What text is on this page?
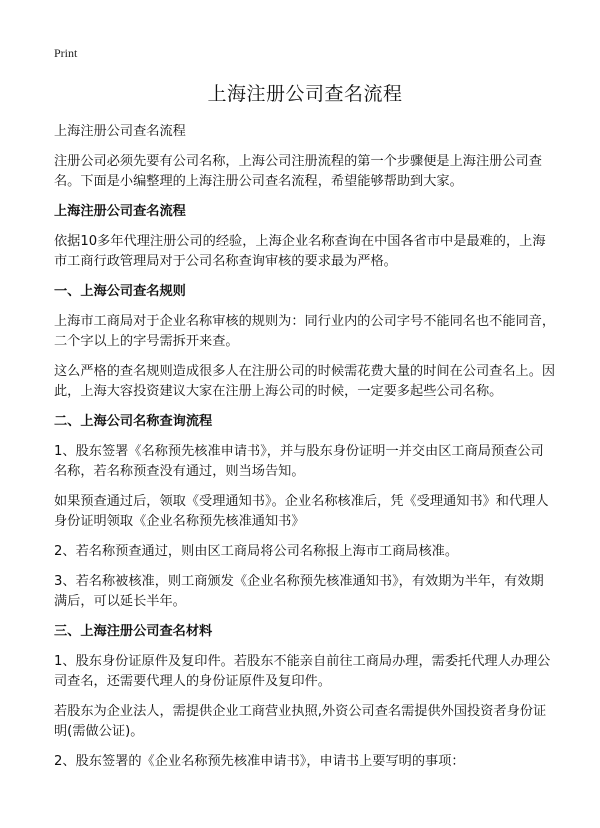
Print
上海注册公司查名流程

上海注册公司查名流程

注册公司必须先要有公司名称，上海公司注册流程的第一个步骤便是上海注册公司查名。下面是小编整理的上海注册公司查名流程，希望能够帮助到大家。

上海注册公司查名流程

依据10多年代理注册公司的经验，上海企业名称查询在中国各省市中是最难的，上海市工商行政管理局对于公司名称查询审核的要求最为严格。

一、上海公司查名规则

上海市工商局对于企业名称审核的规则为：同行业内的公司字号不能同名也不能同音，二个字以上的字号需拆开来查。

这么严格的查名规则造成很多人在注册公司的时候需花费大量的时间在公司查名上。因此，上海大容投资建议大家在注册上海公司的时候，一定要多起些公司名称。

二、上海公司名称查询流程

1、股东签署《名称预先核准申请书》，并与股东身份证明一并交由区工商局预查公司名称，若名称预查没有通过，则当场告知。

如果预查通过后，领取《受理通知书》。企业名称核准后，凭《受理通知书》和代理人身份证明领取《企业名称预先核准通知书》

2、若名称预查通过，则由区工商局将公司名称报上海市工商局核准。

3、若名称被核准，则工商颁发《企业名称预先核准通知书》，有效期为半年，有效期满后，可以延长半年。

三、上海注册公司查名材料

1、股东身份证原件及复印件。若股东不能亲自前往工商局办理，需委托代理人办理公司查名，还需要代理人的身份证原件及复印件。

若股东为企业法人，需提供企业工商营业执照,外资公司查名需提供外国投资者身份证明(需做公证)。

2、股东签署的《企业名称预先核准申请书》，申请书上要写明的事项：
